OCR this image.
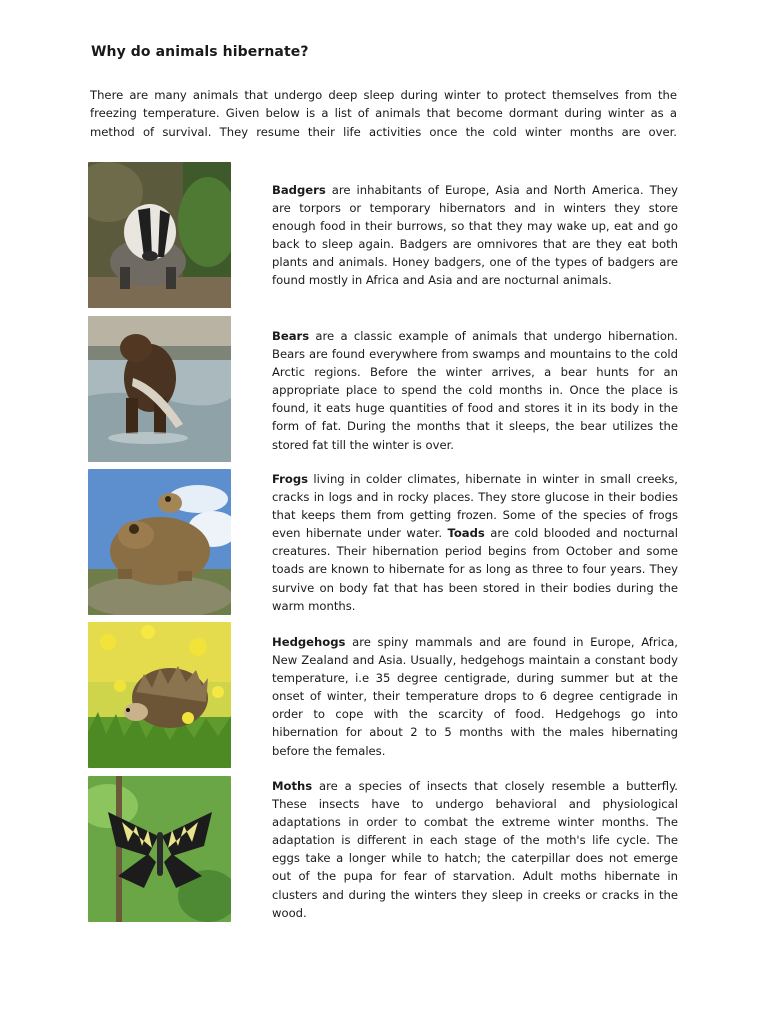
Why do animals hibernate?

There are many animals that undergo deep sleep during winter to protect themselves from the freezing temperature. Given below is a list of animals that become dormant during winter as a method of survival. They resume their life activities once the cold winter months are over.

Badgers are inhabitants of Europe, Asia and North America. They are torpors or temporary hibernators and in winters they store enough food in their burrows, so that they may wake up, eat and go back to sleep again. Badgers are omnivores that are they eat both plants and animals. Honey badgers, one of the types of badgers are found mostly in Africa and Asia and are nocturnal animals.

Bears are a classic example of animals that undergo hibernation. Bears are found everywhere from swamps and mountains to the cold Arctic regions. Before the winter arrives, a bear hunts for an appropriate place to spend the cold months in. Once the place is found, it eats huge quantities of food and stores it in its body in the form of fat. During the months that it sleeps, the bear utilizes the stored fat till the winter is over.

Frogs living in colder climates, hibernate in winter in small creeks, cracks in logs and in rocky places. They store glucose in their bodies that keeps them from getting frozen. Some of the species of frogs even hibernate under water. Toads are cold blooded and nocturnal creatures. Their hibernation period begins from October and some toads are known to hibernate for as long as three to four years. They survive on body fat that has been stored in their bodies during the warm months.

Hedgehogs are spiny mammals and are found in Europe, Africa, New Zealand and Asia. Usually, hedgehogs maintain a constant body temperature, i.e 35 degree centigrade, during summer but at the onset of winter, their temperature drops to 6 degree centigrade in order to cope with the scarcity of food. Hedgehogs go into hibernation for about 2 to 5 months with the males hibernating before the females.

Moths are a species of insects that closely resemble a butterfly. These insects have to undergo behavioral and physiological adaptations in order to combat the extreme winter months. The adaptation is different in each stage of the moth's life cycle. The eggs take a longer while to hatch; the caterpillar does not emerge out of the pupa for fear of starvation. Adult moths hibernate in clusters and during the winters they sleep in creeks or cracks in the wood.
